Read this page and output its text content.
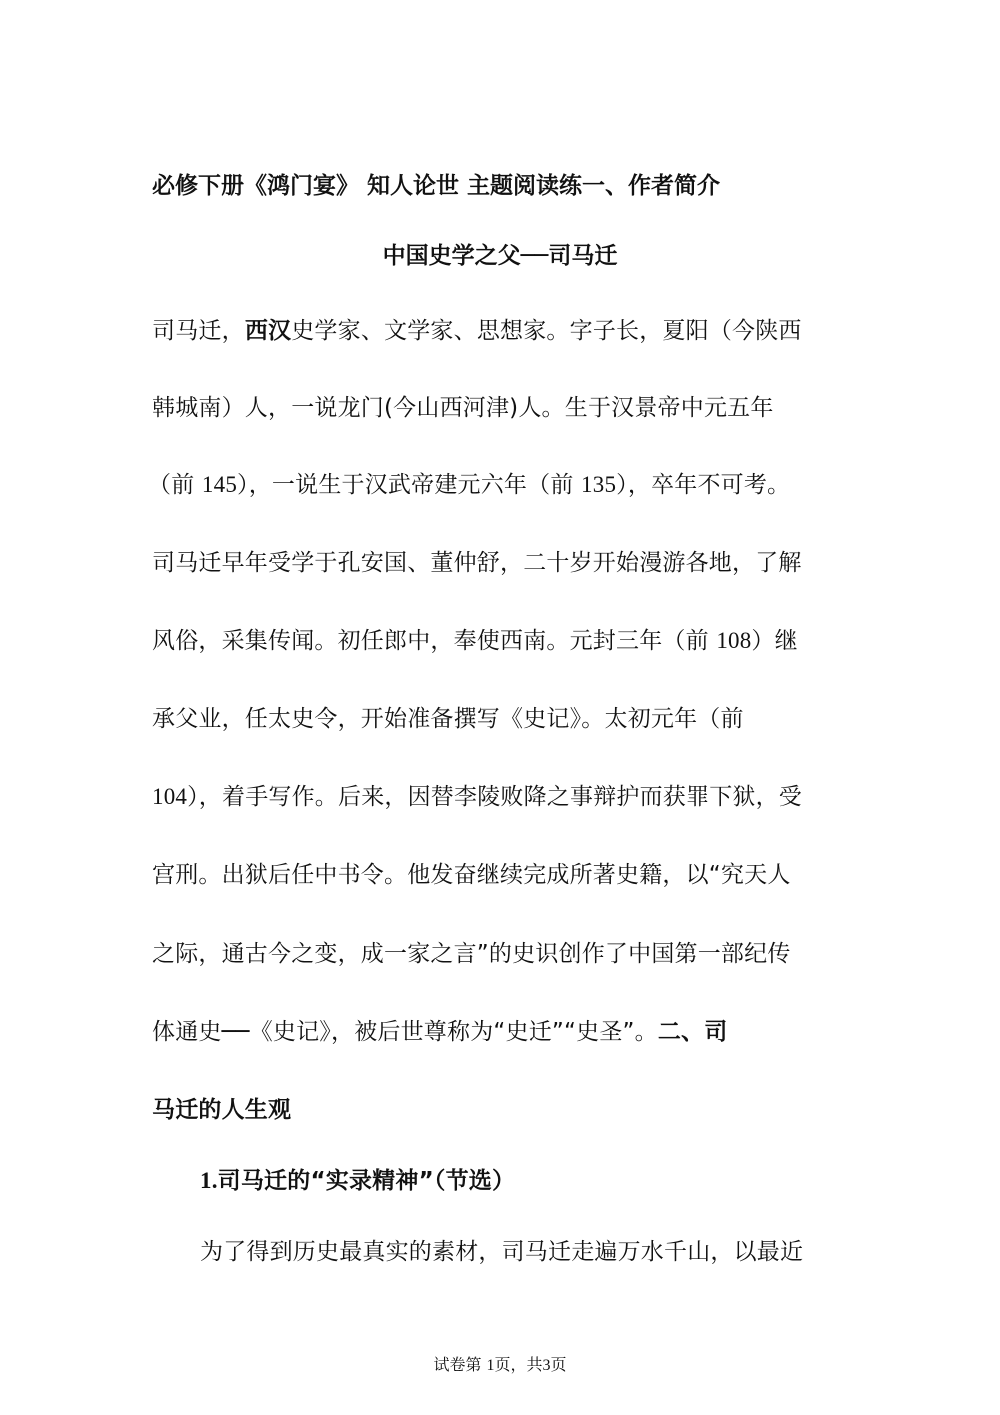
必修下册《鸿门宴》 知人论世 主题阅读练一、作者简介
中国史学之父──司马迁
司马迁，西汉史学家、文学家、思想家。字子长，夏阳（今陕西
韩城南）人，一说龙门(今山西河津)人。生于汉景帝中元五年
（前 145），一说生于汉武帝建元六年（前 135），卒年不可考。
司马迁早年受学于孔安国、董仲舒，二十岁开始漫游各地，了解
风俗，采集传闻。初任郎中，奉使西南。元封三年（前 108）继
承父业，任太史令，开始准备撰写《史记》。太初元年（前
104），着手写作。后来，因替李陵败降之事辩护而获罪下狱，受
宫刑。出狱后任中书令。他发奋继续完成所著史籍，以“究天人
之际，通古今之变，成一家之言”的史识创作了中国第一部纪传
体通史──《史记》，被后世尊称为“史迁”“史圣”。二、司
马迁的人生观
1.司马迁的“实录精神”（节选）
为了得到历史最真实的素材，司马迁走遍万水千山，以最近
试卷第 1页，共3页
